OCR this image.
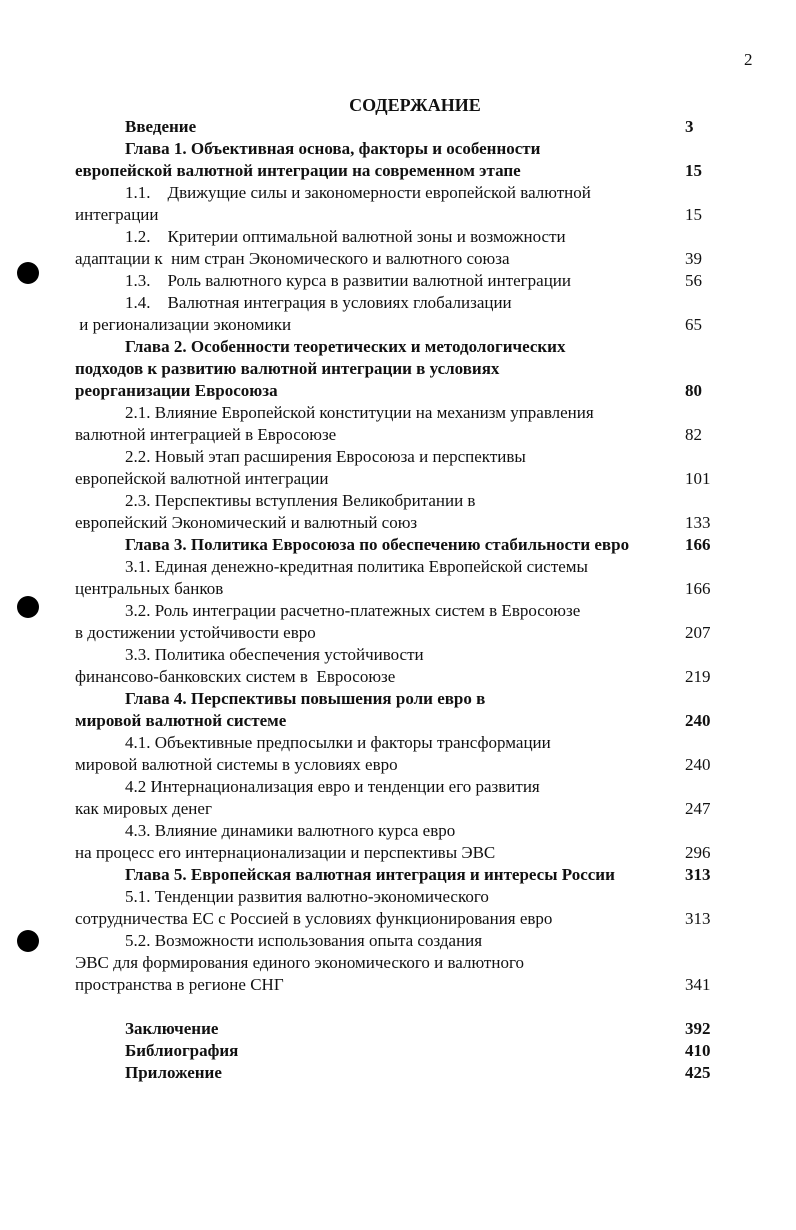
2
СОДЕРЖАНИЕ
Введение	3
Глава 1. Объективная основа, факторы и особенности
европейской валютной интеграции на современном этапе	15
1.1.    Движущие силы и закономерности европейской валютной
интеграции	15
1.2.    Критерии оптимальной валютной зоны и возможности
адаптации к  ним стран Экономического и валютного союза	39
1.3.    Роль валютного курса в развитии валютной интеграции	56
1.4.    Валютная интеграция в условиях глобализации
и регионализации экономики	65
Глава 2. Особенности теоретических и методологических
подходов к развитию валютной интеграции в условиях
реорганизации Евросоюза	80
2.1. Влияние Европейской конституции на механизм управления
валютной интеграцией в Евросоюзе	82
2.2. Новый этап расширения Евросоюза и перспективы
европейской валютной интеграции	101
2.3. Перспективы вступления Великобритании в
европейский Экономический и валютный союз	133
Глава 3. Политика Евросоюза по обеспечению стабильности евро	166
3.1. Единая денежно-кредитная политика Европейской системы
центральных банков	166
3.2. Роль интеграции расчетно-платежных систем в Евросоюзе
в достижении устойчивости евро	207
3.3. Политика обеспечения устойчивости
финансово-банковских систем в  Евросоюзе	219
Глава 4. Перспективы повышения роли евро в
мировой валютной системе	240
4.1. Объективные предпосылки и факторы трансформации
мировой валютной системы в условиях евро	240
4.2 Интернационализация евро и тенденции его развития
как мировых денег	247
4.3. Влияние динамики валютного курса евро
на процесс его интернационализации и перспективы ЭВС	296
Глава 5. Европейская валютная интеграция и интересы России	313
5.1. Тенденции развития валютно-экономического
сотрудничества ЕС с Россией в условиях функционирования евро	313
5.2. Возможности использования опыта создания
ЭВС для формирования единого экономического и валютного
пространства в регионе СНГ	341
Заключение	392
Библиография	410
Приложение	425
